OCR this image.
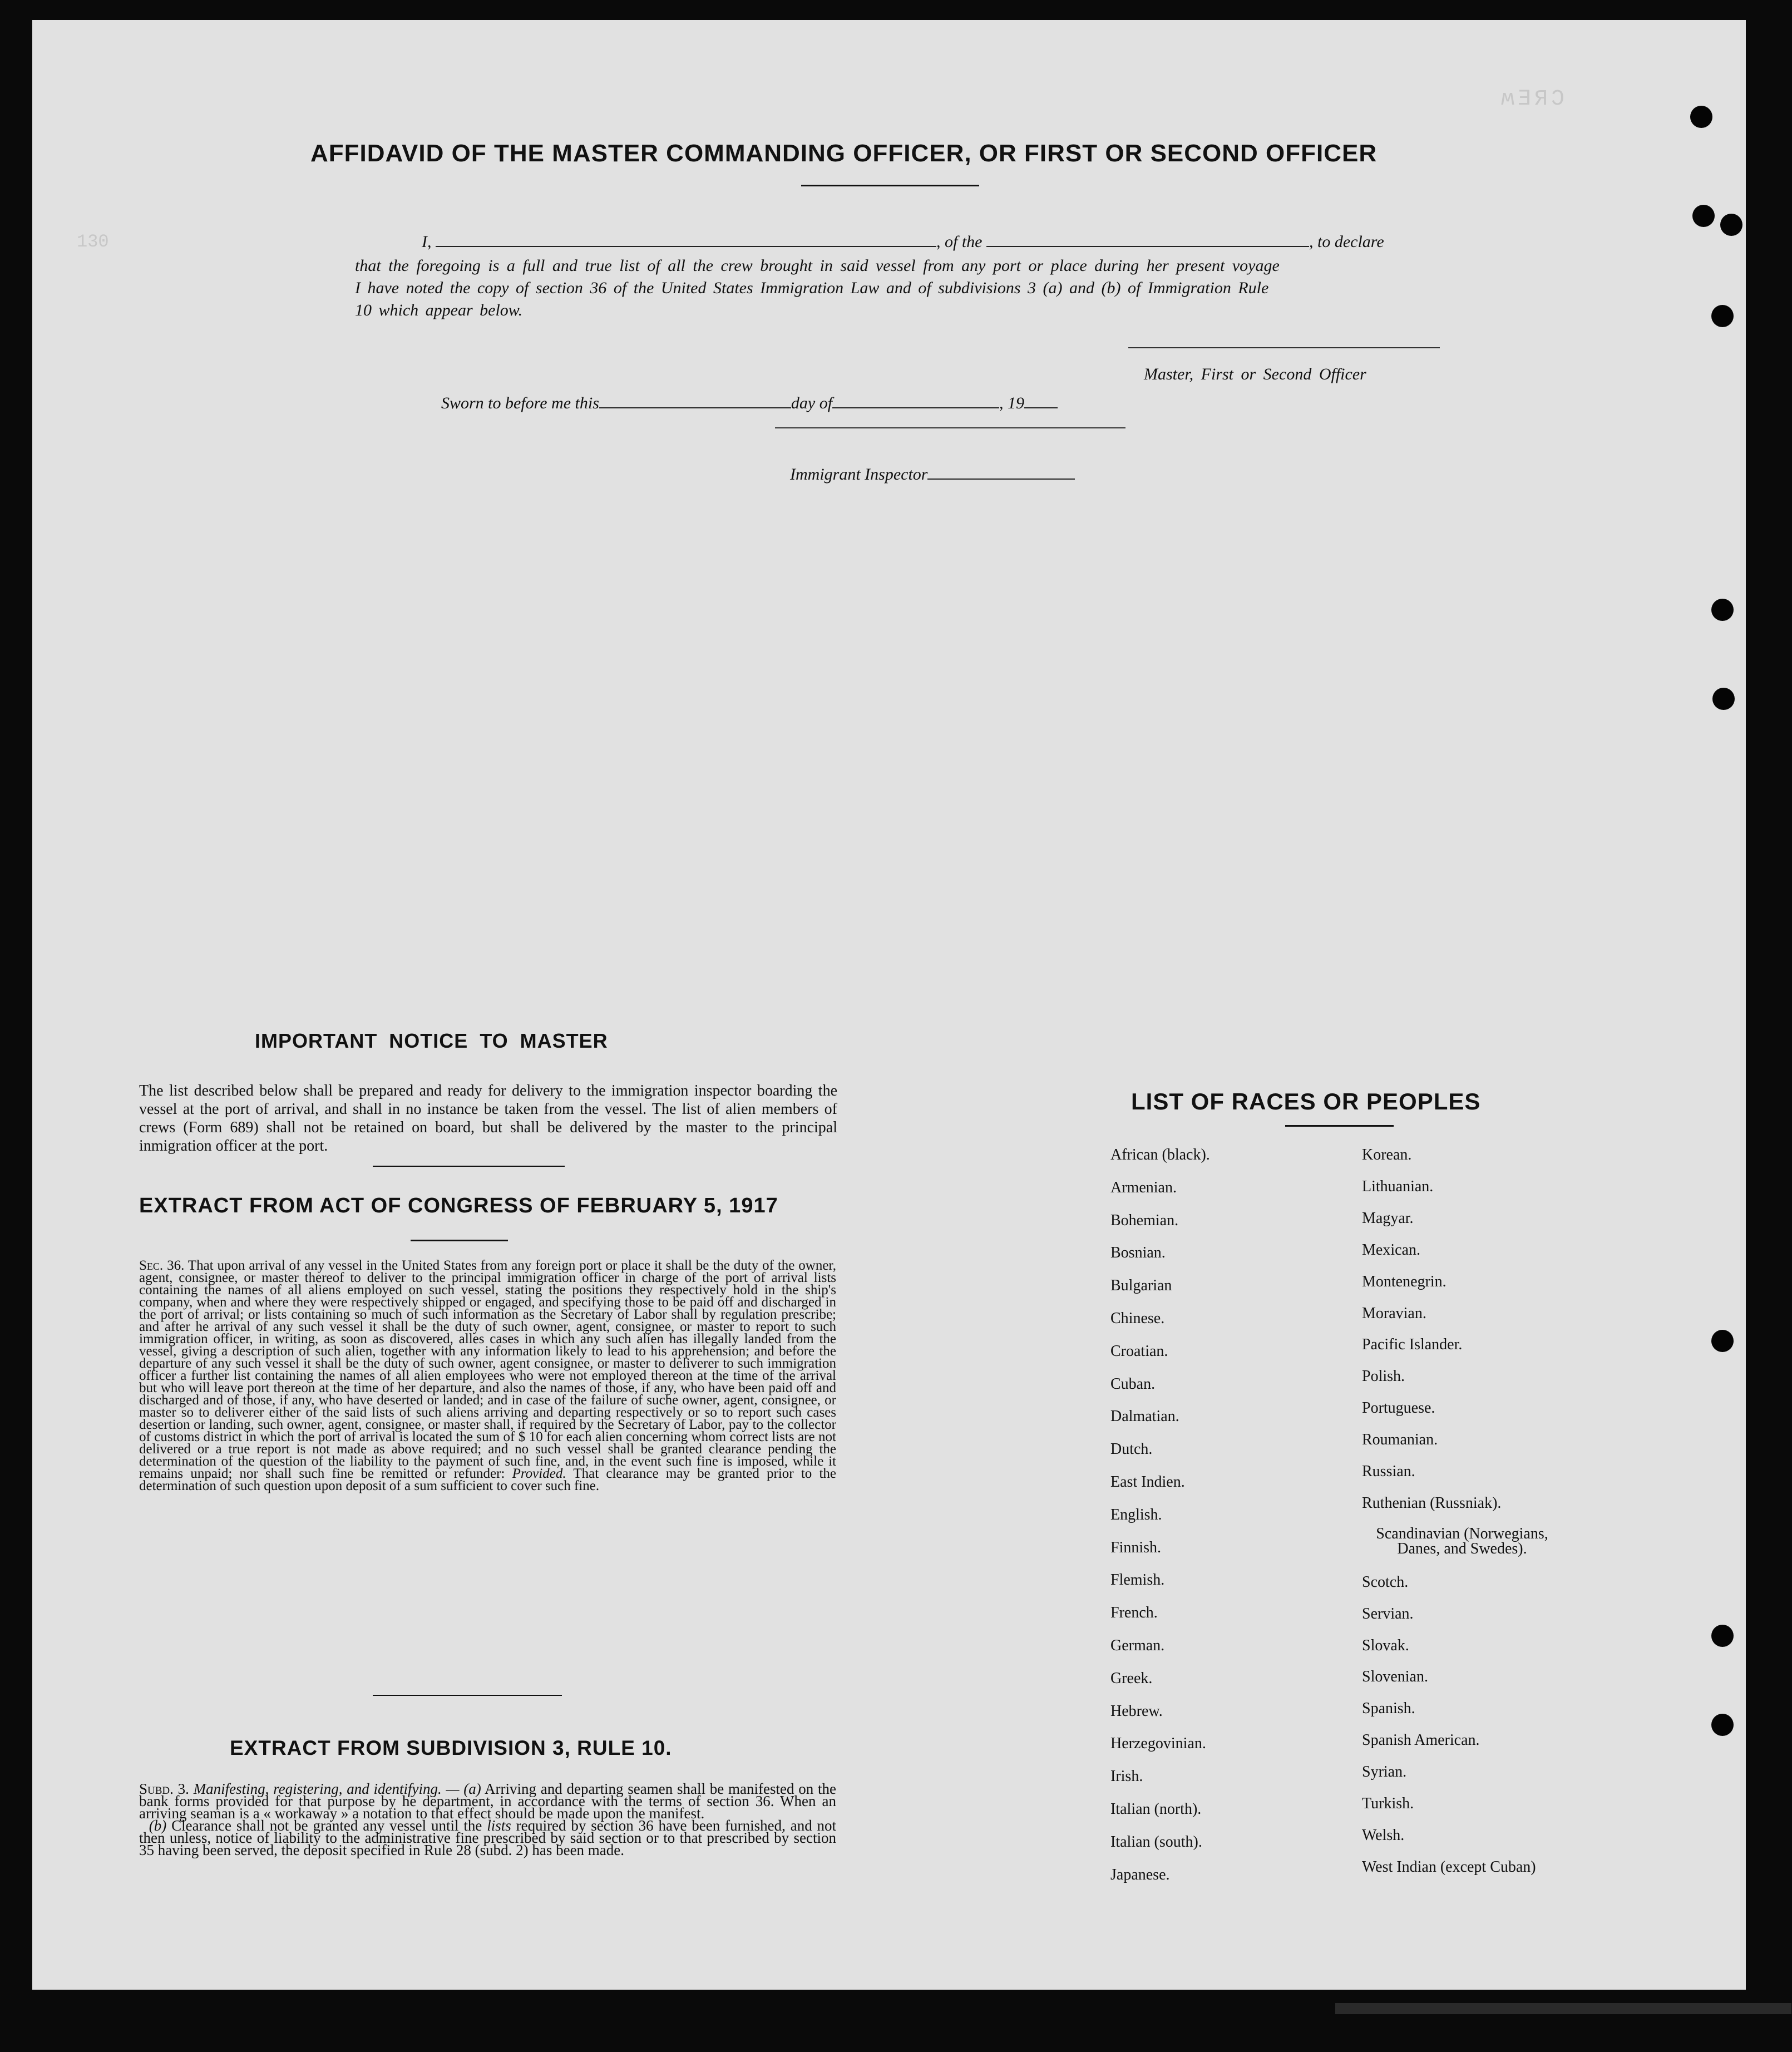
ʍƎЯƆ
130
AFFIDAVID OF THE MASTER COMMANDING OFFICER, OR FIRST OR SECOND OFFICER
I,	, of the	, to declare
that the foregoing is a full and true list of all the crew brought in said vessel from any port or place during her present voyage
I have noted the copy of section 36 of the United States Immigration Law and of subdivisions 3 (a) and (b) of Immigration Rule
10 which appear below.
Master, First or Second Officer
Sworn to before me this	day of	, 19
Immigrant Inspector
IMPORTANT NOTICE TO MASTER
The list described below shall be prepared and ready for delivery to the immigration inspector boarding the vessel at the port of arrival, and shall in no instance be taken from the vessel. The list of alien members of crews (Form 689) shall not be retained on board, but shall be delivered by the master to the principal inmigration officer at the port.
EXTRACT FROM ACT OF CONGRESS OF FEBRUARY 5, 1917
Sec. 36. That upon arrival of any vessel in the United States from any foreign port or place it shall be the duty of the owner, agent, consignee, or master thereof to deliver to the principal immigration officer in charge of the port of arrival lists containing the names of all aliens employed on such vessel, stating the positions they respectively hold in the ship's company, when and where they were respectively shipped or engaged, and specifying those to be paid off and discharged in the port of arrival; or lists containing so much of such information as the Secretary of Labor shall by regulation prescribe; and after he arrival of any such vessel it shall be the duty of such owner, agent, consignee, or master to report to such immigration officer, in writing, as soon as discovered, alles cases in which any such alien has illegally landed from the vessel, giving a description of such alien, together with any information likely to lead to his apprehension; and before the departure of any such vessel it shall be the duty of such owner, agent consignee, or master to deliverer to such immigration officer a further list containing the names of all alien employees who were not employed thereon at the time of the arrival but who will leave port thereon at the time of her departure, and also the names of those, if any, who have been paid off and discharged and of those, if any, who have deserted or landed; and in case of the failure of suche owner, agent, consignee, or master so to deliverer either of the said lists of such aliens arriving and departing respectively or so to report such cases desertion or landing, such owner, agent, consignee, or master shall, if required by the Secretary of Labor, pay to the collector of customs district in which the port of arrival is located the sum of $ 10 for each alien concerning whom correct lists are not delivered or a true report is not made as above required; and no such vessel shall be granted clearance pending the determination of the question of the liability to the payment of such fine, and, in the event such fine is imposed, while it remains unpaid; nor shall such fine be remitted or refunder: Provided. That clearance may be granted prior to the determination of such question upon deposit of a sum sufficient to cover such fine.
EXTRACT FROM SUBDIVISION 3, RULE 10.
Subd. 3. Manifesting, registering, and identifying. — (a) Arriving and departing seamen shall be manifested on the bank forms provided for that purpose by he department, in accordance with the terms of section 36. When an arriving seaman is a « workaway » a notation to that effect should be made upon the manifest.
(b) Clearance shall not be granted any vessel until the lists required by section 36 have been furnished, and not then unless, notice of liability to the administrative fine prescribed by said section or to that prescribed by section 35 having been served, the deposit specified in Rule 28 (subd. 2) has been made.
LIST OF RACES OR PEOPLES
African (black).
Armenian.
Bohemian.
Bosnian.
Bulgarian
Chinese.
Croatian.
Cuban.
Dalmatian.
Dutch.
East Indien.
English.
Finnish.
Flemish.
French.
German.
Greek.
Hebrew.
Herzegovinian.
Irish.
Italian (north).
Italian (south).
Japanese.
Korean.
Lithuanian.
Magyar.
Mexican.
Montenegrin.
Moravian.
Pacific Islander.
Polish.
Portuguese.
Roumanian.
Russian.
Ruthenian (Russniak).
Scandinavian (Norwegians, Danes, and Swedes).
Scotch.
Servian.
Slovak.
Slovenian.
Spanish.
Spanish American.
Syrian.
Turkish.
Welsh.
West Indian (except Cuban)
